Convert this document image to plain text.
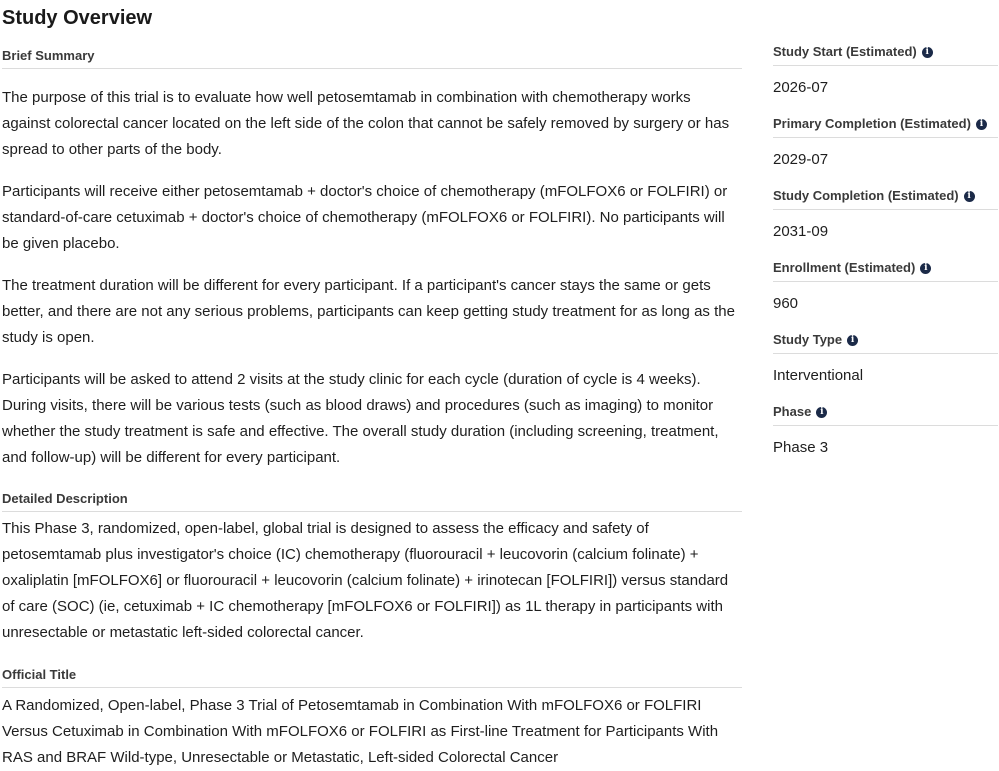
Study Overview
Brief Summary

The purpose of this trial is to evaluate how well petosemtamab in combination with chemotherapy works against colorectal cancer located on the left side of the colon that cannot be safely removed by surgery or has spread to other parts of the body.

Participants will receive either petosemtamab + doctor's choice of chemotherapy (mFOLFOX6 or FOLFIRI) or standard-of-care cetuximab + doctor's choice of chemotherapy (mFOLFOX6 or FOLFIRI). No participants will be given placebo.

The treatment duration will be different for every participant. If a participant's cancer stays the same or gets better, and there are not any serious problems, participants can keep getting study treatment for as long as the study is open.

Participants will be asked to attend 2 visits at the study clinic for each cycle (duration of cycle is 4 weeks). During visits, there will be various tests (such as blood draws) and procedures (such as imaging) to monitor whether the study treatment is safe and effective. The overall study duration (including screening, treatment, and follow-up) will be different for every participant.

Detailed Description

This Phase 3, randomized, open-label, global trial is designed to assess the efficacy and safety of petosemtamab plus investigator's choice (IC) chemotherapy (fluorouracil + leucovorin (calcium folinate) + oxaliplatin [mFOLFOX6] or fluorouracil + leucovorin (calcium folinate) + irinotecan [FOLFIRI]) versus standard of care (SOC) (ie, cetuximab + IC chemotherapy [mFOLFOX6 or FOLFIRI]) as 1L therapy in participants with unresectable or metastatic left-sided colorectal cancer.

Official Title

A Randomized, Open-label, Phase 3 Trial of Petosemtamab in Combination With mFOLFOX6 or FOLFIRI Versus Cetuximab in Combination With mFOLFOX6 or FOLFIRI as First-line Treatment for Participants With RAS and BRAF Wild-type, Unresectable or Metastatic, Left-sided Colorectal Cancer

Study Start (Estimated) i
2026-07
Primary Completion (Estimated) i
2029-07
Study Completion (Estimated) i
2031-09
Enrollment (Estimated) i
960
Study Type i
Interventional
Phase i
Phase 3
